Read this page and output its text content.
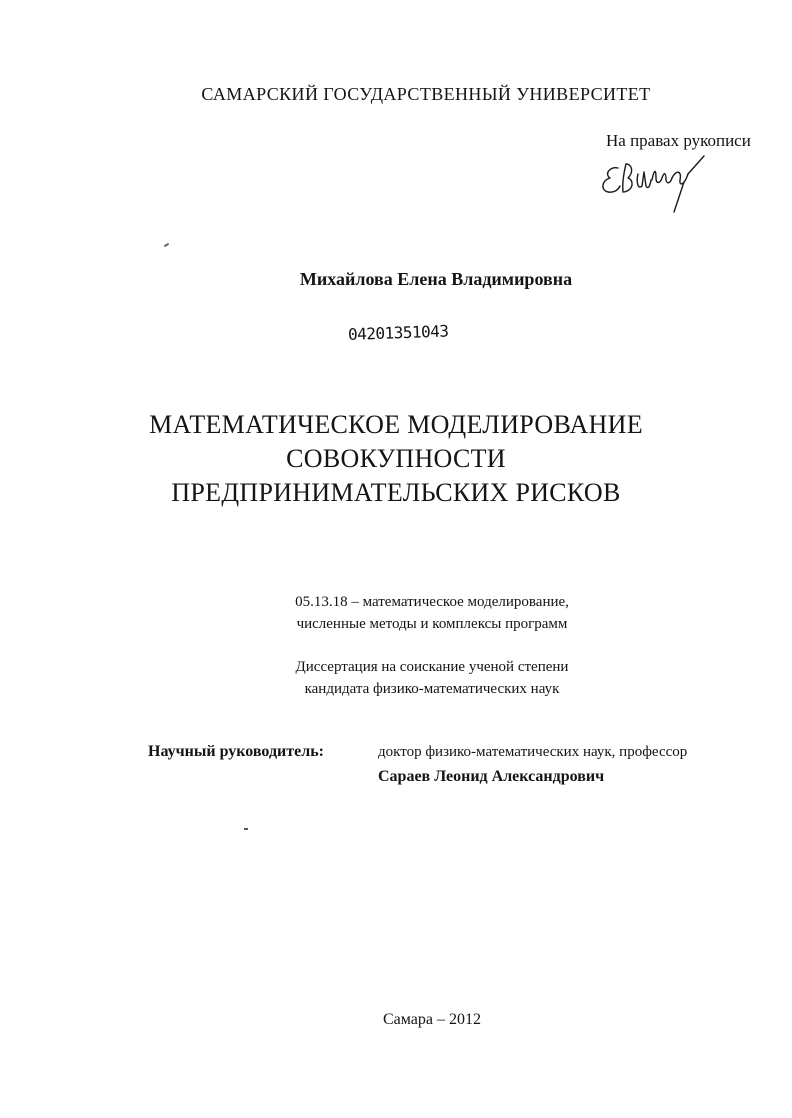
САМАРСКИЙ ГОСУДАРСТВЕННЫЙ УНИВЕРСИТЕТ
На правах рукописи
Михайлова Елена Владимировна
04201351043
МАТЕМАТИЧЕСКОЕ МОДЕЛИРОВАНИЕ
СОВОКУПНОСТИ
ПРЕДПРИНИМАТЕЛЬСКИХ РИСКОВ
05.13.18 – математическое моделирование,
численные методы и комплексы программ
Диссертация на соискание ученой степени
кандидата физико-математических наук
Научный руководитель:	доктор физико-математических наук, профессор
Сараев Леонид Александрович
Самара – 2012
